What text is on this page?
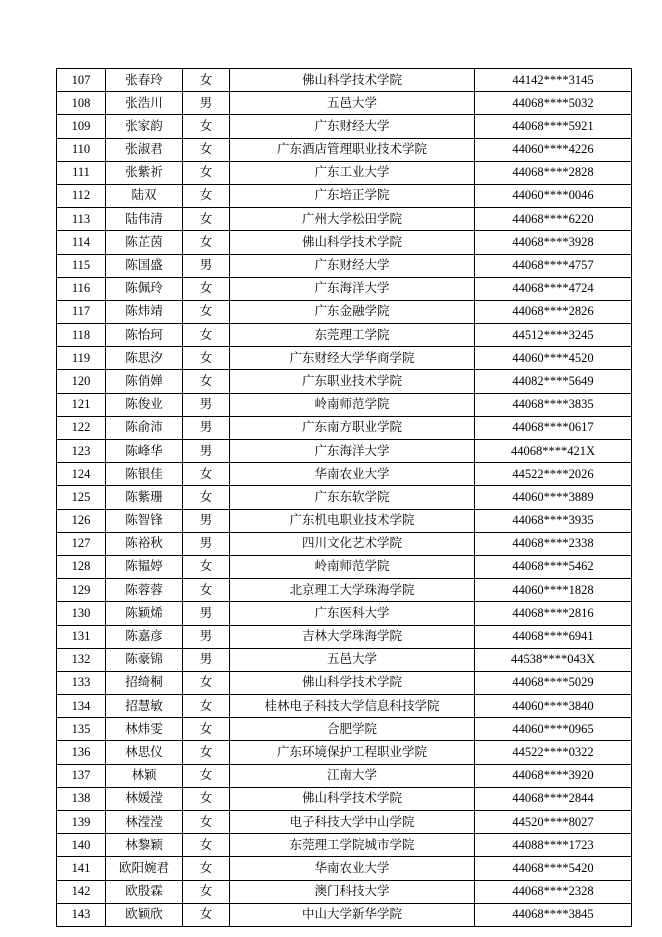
107	张春玲	女	佛山科学技术学院	44142****3145
108	张浩川	男	五邑大学	44068****5032
109	张家韵	女	广东财经大学	44068****5921
110	张淑君	女	广东酒店管理职业技术学院	44060****4226
111	张紫祈	女	广东工业大学	44068****2828
112	陆双	女	广东培正学院	44060****0046
113	陆伟清	女	广州大学松田学院	44068****6220
114	陈芷茵	女	佛山科学技术学院	44068****3928
115	陈国盛	男	广东财经大学	44068****4757
116	陈佩玲	女	广东海洋大学	44068****4724
117	陈炜靖	女	广东金融学院	44068****2826
118	陈怡珂	女	东莞理工学院	44512****3245
119	陈思汐	女	广东财经大学华商学院	44060****4520
120	陈俏婵	女	广东职业技术学院	44082****5649
121	陈俊业	男	岭南师范学院	44068****3835
122	陈俞沛	男	广东南方职业学院	44068****0617
123	陈峰华	男	广东海洋大学	44068****421X
124	陈银佳	女	华南农业大学	44522****2026
125	陈紫珊	女	广东东软学院	44060****3889
126	陈智锋	男	广东机电职业技术学院	44068****3935
127	陈裕秋	男	四川文化艺术学院	44068****2338
128	陈韫婷	女	岭南师范学院	44068****5462
129	陈蓉蓉	女	北京理工大学珠海学院	44060****1828
130	陈颖烯	男	广东医科大学	44068****2816
131	陈嘉彦	男	吉林大学珠海学院	44068****6941
132	陈豪锦	男	五邑大学	44538****043X
133	招绮桐	女	佛山科学技术学院	44068****5029
134	招慧敏	女	桂林电子科技大学信息科技学院	44060****3840
135	林炜雯	女	合肥学院	44060****0965
136	林思仪	女	广东环境保护工程职业学院	44522****0322
137	林颖	女	江南大学	44068****3920
138	林媛滢	女	佛山科学技术学院	44068****2844
139	林滢滢	女	电子科技大学中山学院	44520****8027
140	林黎颖	女	东莞理工学院城市学院	44088****1723
141	欧阳婉君	女	华南农业大学	44068****5420
142	欧殷霖	女	澳门科技大学	44068****2328
143	欧颖欣	女	中山大学新华学院	44068****3845
